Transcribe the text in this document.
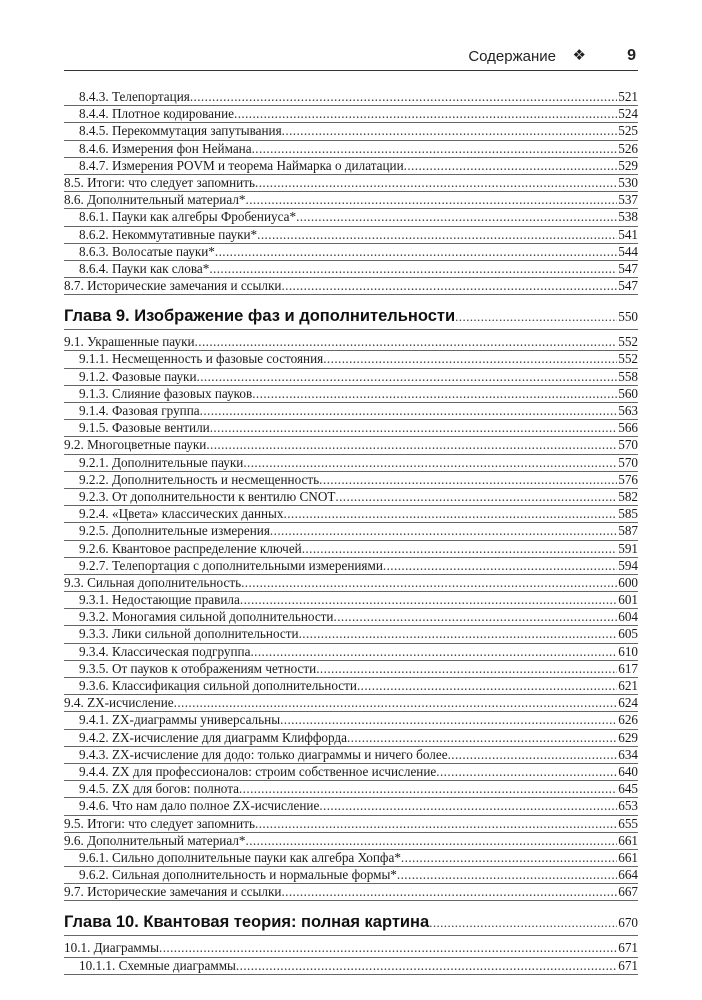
Содержание ❖	9
8.4.3. Телепортация .....	521
8.4.4. Плотное кодирование .....	524
8.4.5. Перекоммутация запутывания .....	525
8.4.6. Измерения фон Неймана .....	526
8.4.7. Измерения POVM и теорема Наймарка о дилатации .....	529
8.5. Итоги: что следует запомнить .....	530
8.6. Дополнительный материал* .....	537
8.6.1. Пауки как алгебры Фробениуса* .....	538
8.6.2. Некоммутативные пауки* .....	541
8.6.3. Волосатые пауки* .....	544
8.6.4. Пауки как слова* .....	547
8.7. Исторические замечания и ссылки .....	547
Глава 9. Изображение фаз и дополнительности .....	550
9.1. Украшенные пауки .....	552
9.1.1. Несмещенность и фазовые состояния .....	552
9.1.2. Фазовые пауки .....	558
9.1.3. Слияние фазовых пауков .....	560
9.1.4. Фазовая группа .....	563
9.1.5. Фазовые вентили .....	566
9.2. Многоцветные пауки .....	570
9.2.1. Дополнительные пауки .....	570
9.2.2. Дополнительность и несмещенность .....	576
9.2.3. От дополнительности к вентилю CNOT .....	582
9.2.4. «Цвета» классических данных .....	585
9.2.5. Дополнительные измерения .....	587
9.2.6. Квантовое распределение ключей .....	591
9.2.7. Телепортация с дополнительными измерениями .....	594
9.3. Сильная дополнительность .....	600
9.3.1. Недостающие правила .....	601
9.3.2. Моногамия сильной дополнительности .....	604
9.3.3. Лики сильной дополнительности .....	605
9.3.4. Классическая подгруппа .....	610
9.3.5. От пауков к отображениям четности .....	617
9.3.6. Классификация сильной дополнительности .....	621
9.4. ZX-исчисление .....	624
9.4.1. ZX-диаграммы универсальны .....	626
9.4.2. ZX-исчисление для диаграмм Клиффорда .....	629
9.4.3. ZX-исчисление для додо: только диаграммы и ничего более .....	634
9.4.4. ZX для профессионалов: строим собственное исчисление .....	640
9.4.5. ZX для богов: полнота .....	645
9.4.6. Что нам дало полное ZX-исчисление .....	653
9.5. Итоги: что следует запомнить .....	655
9.6. Дополнительный материал* .....	661
9.6.1. Сильно дополнительные пауки как алгебра Хопфа* .....	661
9.6.2. Сильная дополнительность и нормальные формы* .....	664
9.7. Исторические замечания и ссылки .....	667
Глава 10. Квантовая теория: полная картина .....	670
10.1. Диаграммы .....	671
10.1.1. Схемные диаграммы .....	671
